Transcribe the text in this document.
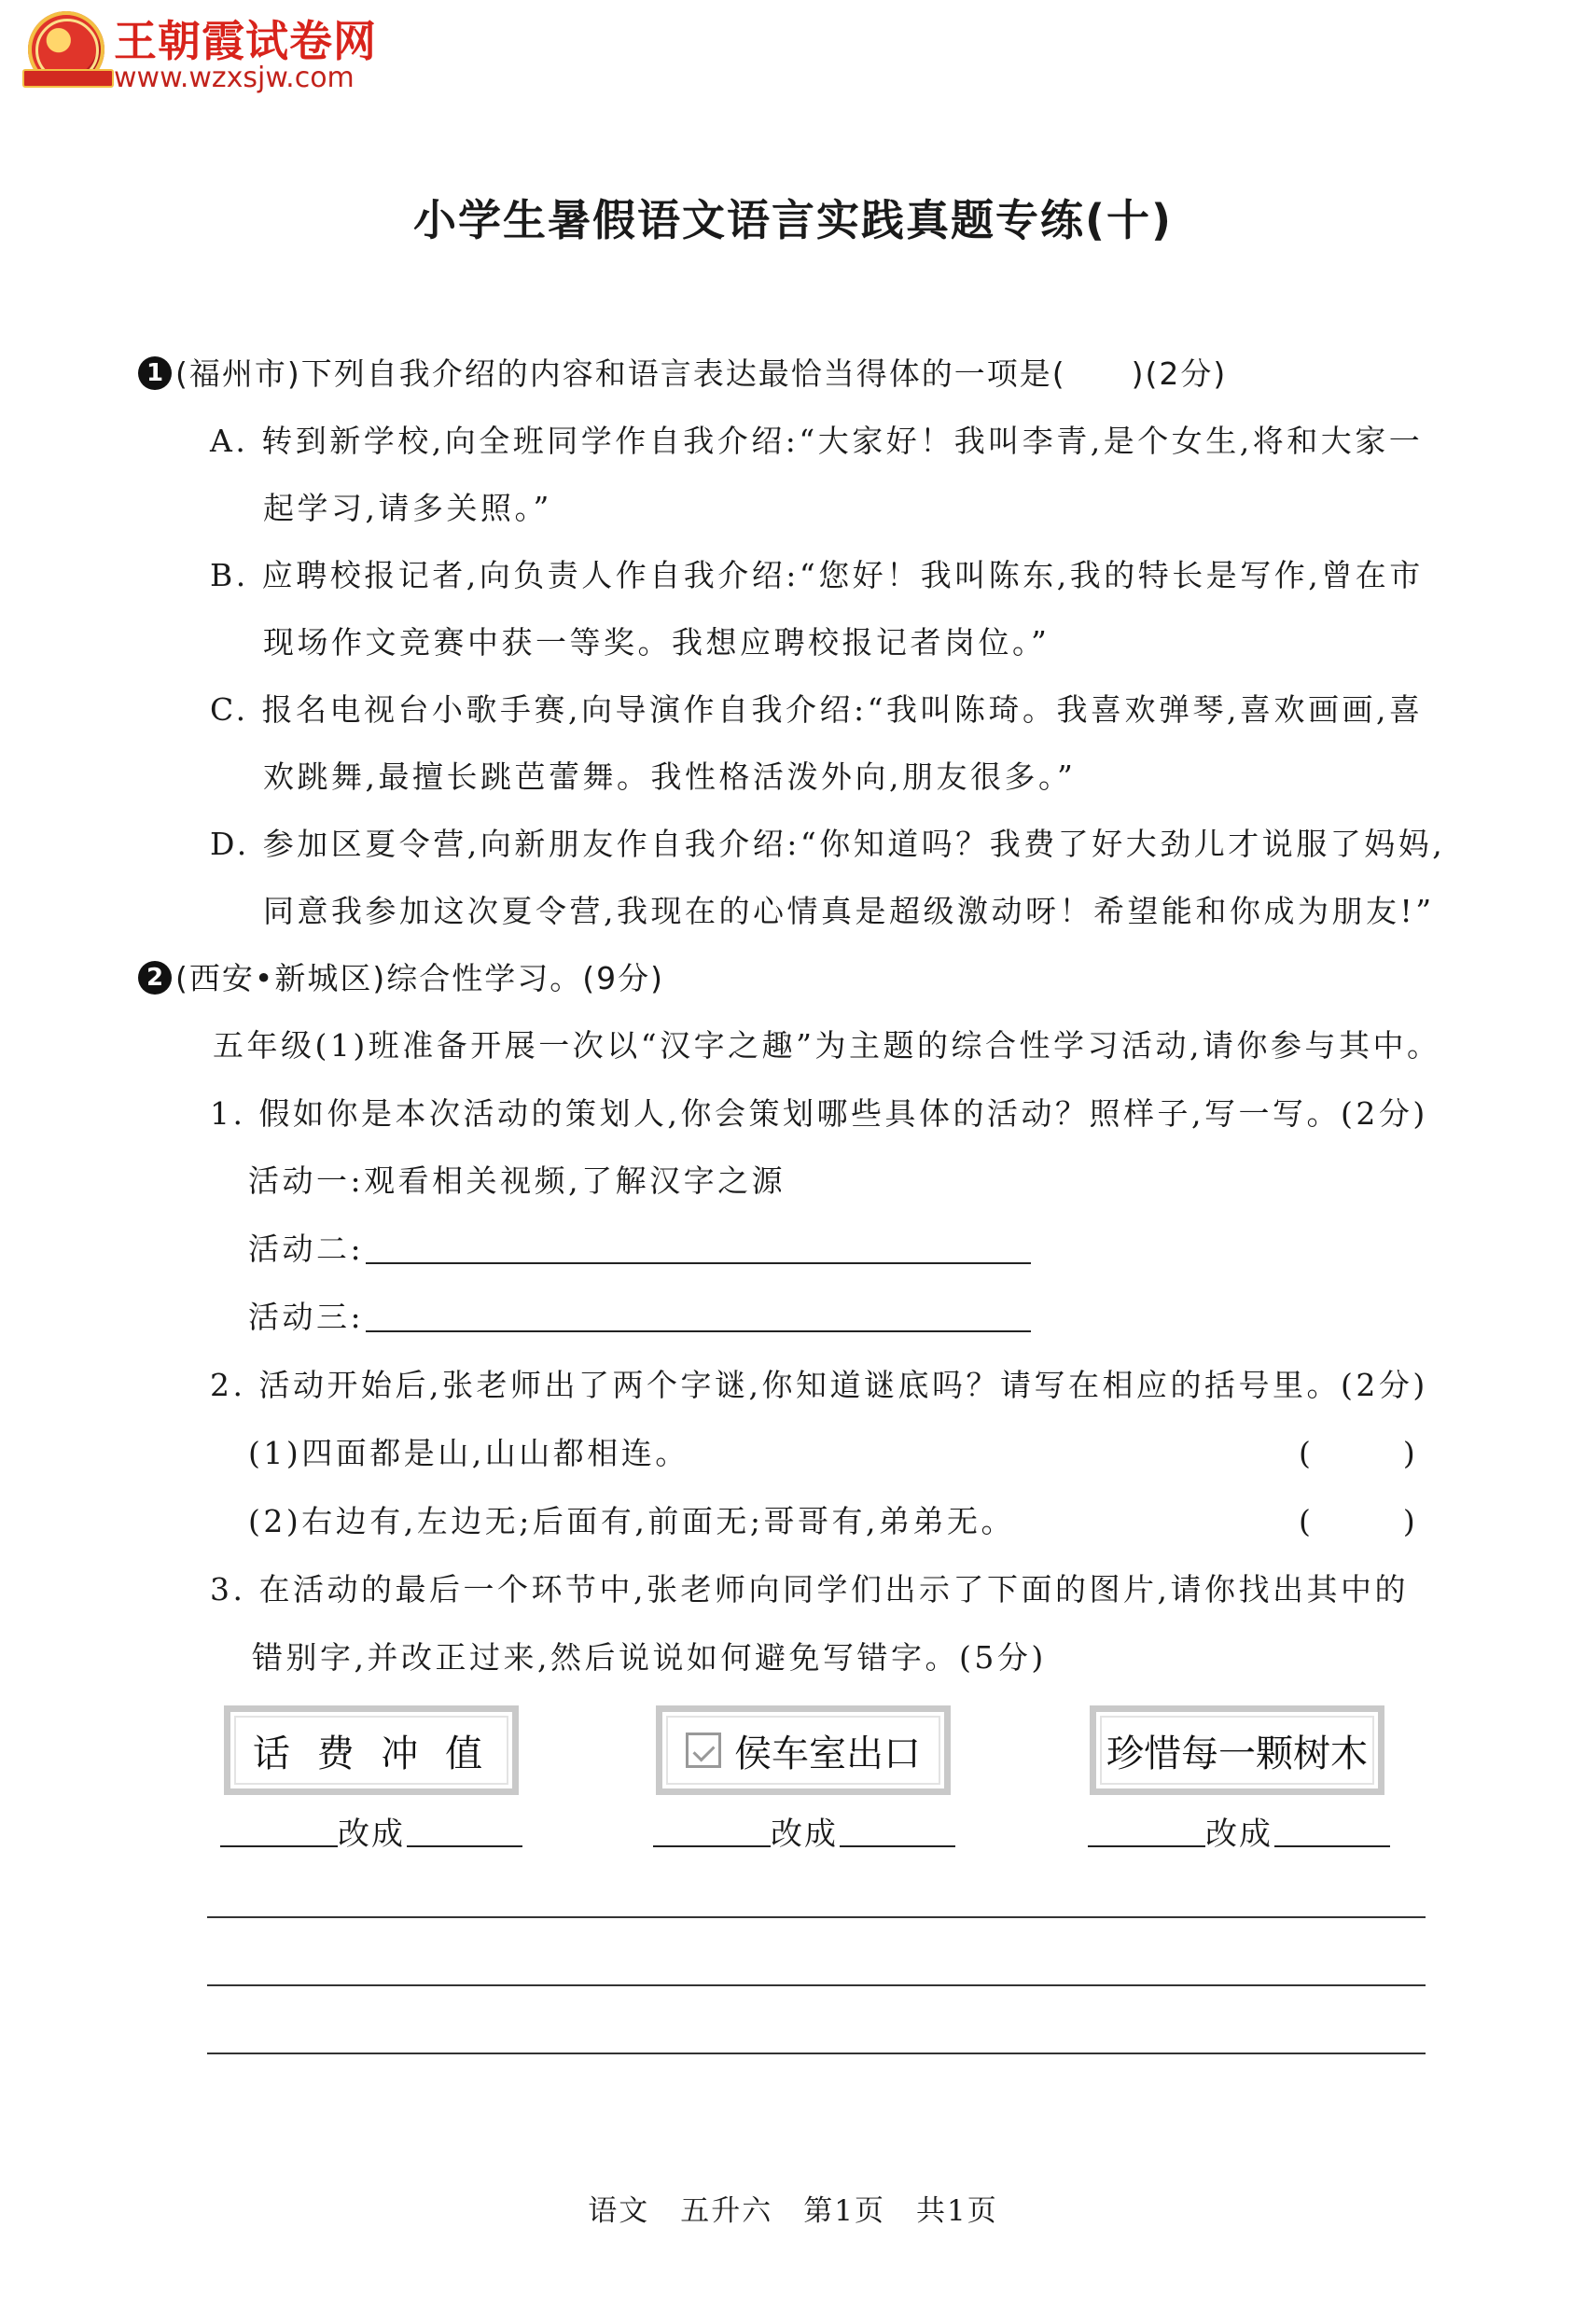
王朝霞试卷网
www.wzxsjw.com
小学生暑假语文语言实践真题专练(十)
1 (福州市)下列自我介绍的内容和语言表达最恰当得体的一项是(　　)(2分)
A. 转到新学校,向全班同学作自我介绍:“大家好！我叫李青,是个女生,将和大家一
起学习,请多关照。”
B. 应聘校报记者,向负责人作自我介绍:“您好！我叫陈东,我的特长是写作,曾在市
现场作文竞赛中获一等奖。我想应聘校报记者岗位。”
C. 报名电视台小歌手赛,向导演作自我介绍:“我叫陈琦。我喜欢弹琴,喜欢画画,喜
欢跳舞,最擅长跳芭蕾舞。我性格活泼外向,朋友很多。”
D. 参加区夏令营,向新朋友作自我介绍:“你知道吗？我费了好大劲儿才说服了妈妈,
同意我参加这次夏令营,我现在的心情真是超级激动呀！希望能和你成为朋友!”
2 (西安•新城区)综合性学习。(9分)
五年级(1)班准备开展一次以“汉字之趣”为主题的综合性学习活动,请你参与其中。
1. 假如你是本次活动的策划人,你会策划哪些具体的活动？照样子,写一写。(2分)
活动一:观看相关视频,了解汉字之源
活动二:
活动三:
2. 活动开始后,张老师出了两个字谜,你知道谜底吗？请写在相应的括号里。(2分)
(1)四面都是山,山山都相连。	(　　　)
(2)右边有,左边无;后面有,前面无;哥哥有,弟弟无。	(　　　)
3. 在活动的最后一个环节中,张老师向同学们出示了下面的图片,请你找出其中的
错别字,并改正过来,然后说说如何避免写错字。(5分)
话 费 冲 值	侯车室出口	珍惜每一颗树木
改成	改成	改成
语文　五升六　第1页　共1页
